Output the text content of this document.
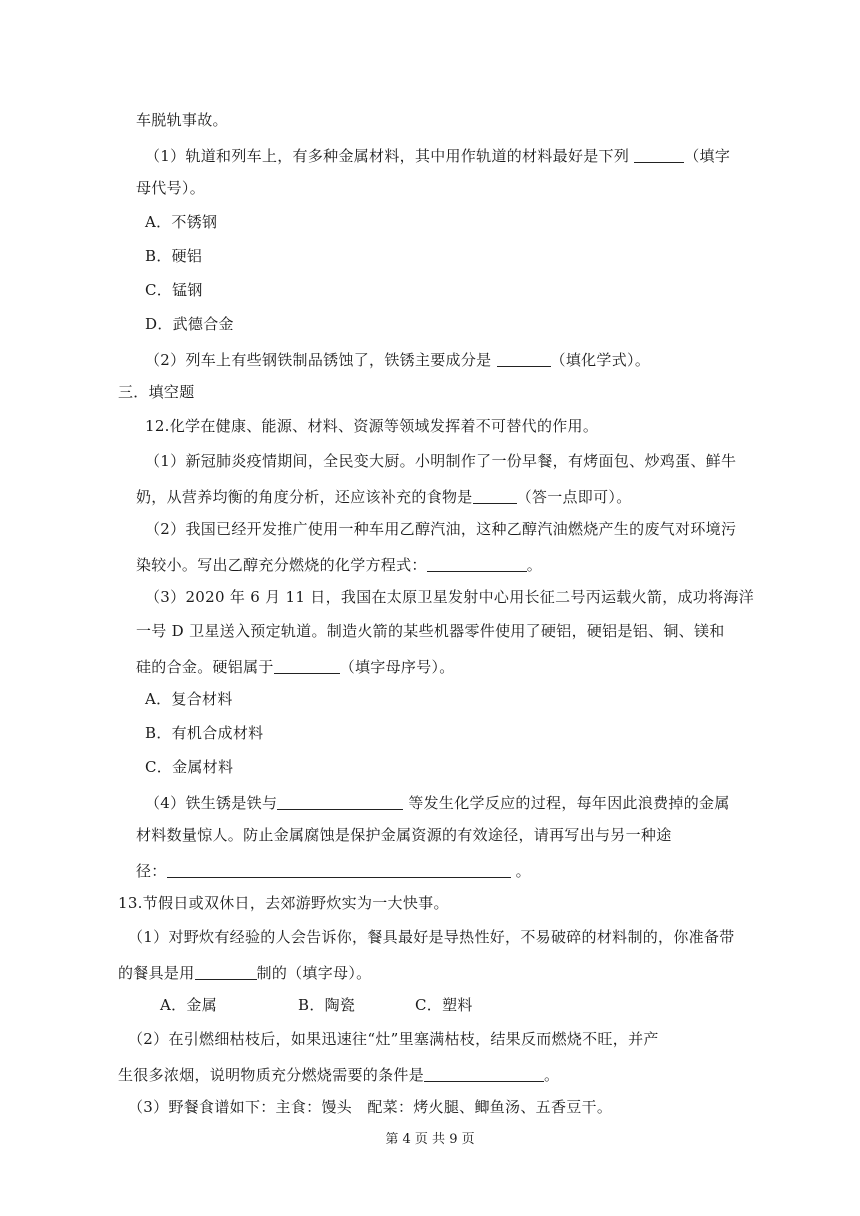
车脱轨事故。
（1）轨道和列车上，有多种金属材料，其中用作轨道的材料最好是下列	（填字
母代号）。
A．不锈钢
B．硬铝
C．锰钢
D．武德合金
（2）列车上有些钢铁制品锈蚀了，铁锈主要成分是	（填化学式）。
三．填空题
12.化学在健康、能源、材料、资源等领域发挥着不可替代的作用。
（1）新冠肺炎疫情期间，全民变大厨。小明制作了一份早餐，有烤面包、炒鸡蛋、鲜牛
奶，从营养均衡的角度分析，还应该补充的食物是	（答一点即可）。
（2）我国已经开发推广使用一种车用乙醇汽油，这种乙醇汽油燃烧产生的废气对环境污
染较小。写出乙醇充分燃烧的化学方程式：	。
（3）2020 年 6 月 11 日，我国在太原卫星发射中心用长征二号丙运载火箭，成功将海洋
一号 D 卫星送入预定轨道。制造火箭的某些机器零件使用了硬铝，硬铝是铝、铜、镁和
硅的合金。硬铝属于	（填字母序号）。
A．复合材料
B．有机合成材料
C．金属材料
（4）铁生锈是铁与	等发生化学反应的过程，每年因此浪费掉的金属
材料数量惊人。防止金属腐蚀是保护金属资源的有效途径，请再写出与另一种途
径：	。
13.节假日或双休日，去郊游野炊实为一大快事。
（1）对野炊有经验的人会告诉你，餐具最好是导热性好，不易破碎的材料制的，你准备带
的餐具是用	制的（填字母）。
A．金属	B．陶瓷	C．塑料
（2）在引燃细枯枝后，如果迅速往“灶”里塞满枯枝，结果反而燃烧不旺，并产
生很多浓烟，说明物质充分燃烧需要的条件是	。
（3）野餐食谱如下：主食：馒头　配菜：烤火腿、鲫鱼汤、五香豆干。
第 4 页 共 9 页
